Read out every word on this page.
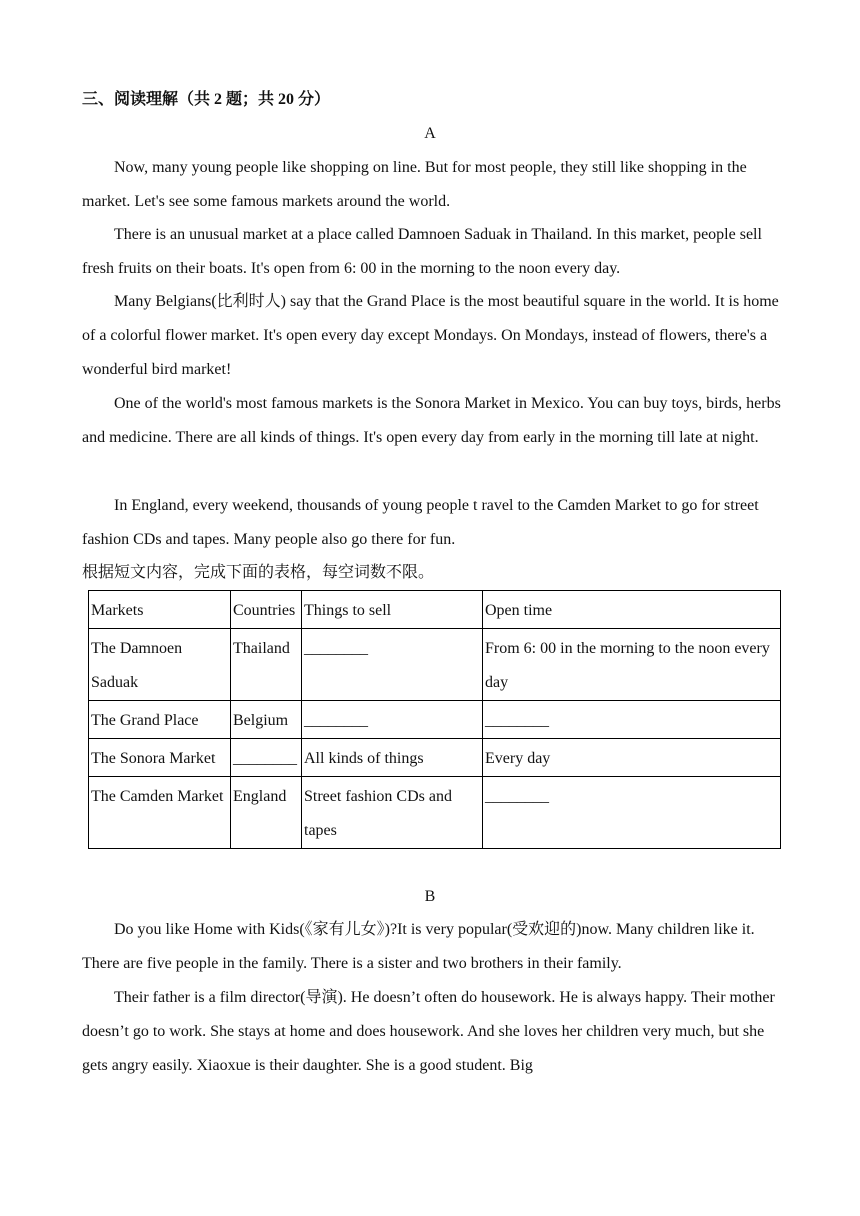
三、阅读理解（共 2 题；共 20 分）
A

Now, many young people like shopping on line. But for most people, they still like shopping in the market. Let's see some famous markets around the world.

There is an unusual market at a place called Damnoen Saduak in Thailand. In this market, people sell fresh fruits on their boats. It's open from 6: 00 in the morning to the noon every day.

Many Belgians(比利时人) say that the Grand Place is the most beautiful square in the world. It is home of a colorful flower market. It's open every day except Mondays. On Mondays, instead of flowers, there's a wonderful bird market!

One of the world's most famous markets is the Sonora Market in Mexico. You can buy toys, birds, herbs and medicine. There are all kinds of things. It's open every day from early in the morning till late at night.

In England, every weekend, thousands of young people t ravel to the Camden Market to go for street fashion CDs and tapes. Many people also go there for fun.

根据短文内容，完成下面的表格，每空词数不限。
Markets	Countries	Things to sell	Open time
The Damnoen Saduak	Thailand	________	From 6: 00 in the morning to the noon every day
The Grand Place	Belgium	________	________
The Sonora Market	________	All kinds of things	Every day
The Camden Market	England	Street fashion CDs and tapes	________
B

Do you like Home with Kids(《家有儿女》)?It is very popular(受欢迎的)now. Many children like it. There are five people in the family. There is a sister and two brothers in their family.

Their father is a film director(导演). He doesn’t often do housework. He is always happy. Their mother doesn’t go to work. She stays at home and does housework. And she loves her children very much, but she gets angry easily. Xiaoxue is their daughter. She is a good student. Big
